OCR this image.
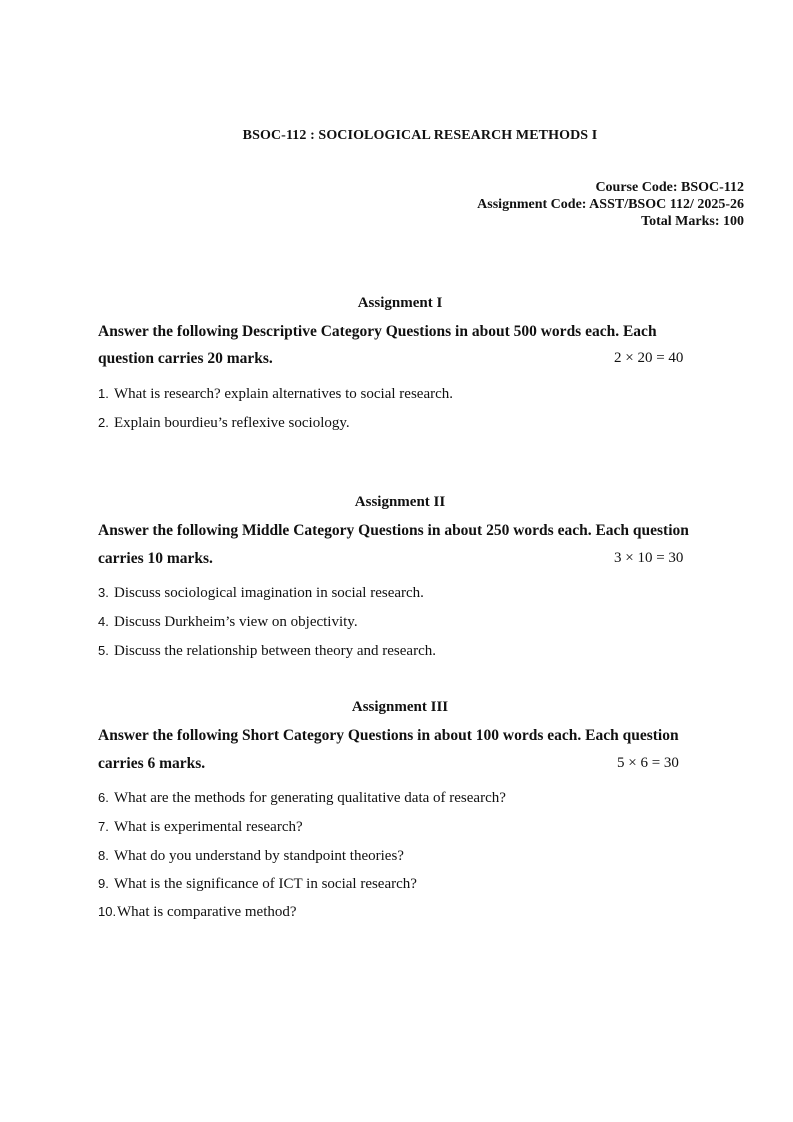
BSOC-112 : SOCIOLOGICAL RESEARCH METHODS I
Course Code: BSOC-112
Assignment Code: ASST/BSOC 112/ 2025-26
Total Marks: 100
Assignment I
Answer the following Descriptive Category Questions in about 500 words each. Each
question carries 20 marks.	2 × 20 = 40
1. What is research? explain alternatives to social research.
2. Explain bourdieu’s reflexive sociology.
Assignment II
Answer the following Middle Category Questions in about 250 words each. Each question
carries 10 marks.	3 × 10 = 30
3. Discuss sociological imagination in social research.
4. Discuss Durkheim’s view on objectivity.
5. Discuss the relationship between theory and research.
Assignment III
Answer the following Short Category Questions in about 100 words each. Each question
carries 6 marks.	5 × 6 = 30
6. What are the methods for generating qualitative data of research?
7. What is experimental research?
8. What do you understand by standpoint theories?
9. What is the significance of ICT in social research?
10.What is comparative method?
